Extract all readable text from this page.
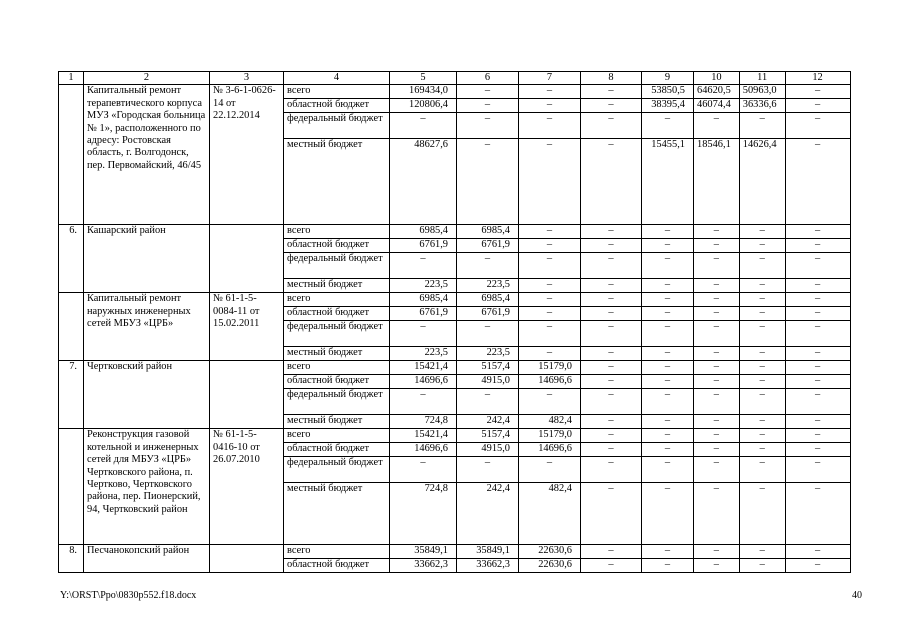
1	2	3	4	5	6	7	8	9	10	11	12
	Капитальный ремонт терапевтического корпуса МУЗ «Городская больница № 1», расположенного по адресу: Ростовская область, г. Волгодонск, пер. Первомайский, 46/45	№ 3-6-1-0626-14 от 22.12.2014	всего	169434,0	–	–	–	53850,5	64620,5	50963,0	–
			областной бюджет	120806,4	–	–	–	38395,4	46074,4	36336,6	–
			федеральный бюджет	–	–	–	–	–	–	–	–
			местный бюджет	48627,6	–	–	–	15455,1	18546,1	14626,4	–
6.	Кашарский район		всего	6985,4	6985,4	–	–	–	–	–	–
			областной бюджет	6761,9	6761,9	–	–	–	–	–	–
			федеральный бюджет	–	–	–	–	–	–	–	–
			местный бюджет	223,5	223,5	–	–	–	–	–	–
	Капитальный ремонт наружных инженерных сетей МБУЗ «ЦРБ»	№ 61-1-5-0084-11 от 15.02.2011	всего	6985,4	6985,4	–	–	–	–	–	–
			областной бюджет	6761,9	6761,9	–	–	–	–	–	–
			федеральный бюджет	–	–	–	–	–	–	–	–
			местный бюджет	223,5	223,5	–	–	–	–	–	–
7.	Чертковский район		всего	15421,4	5157,4	15179,0	–	–	–	–	–
			областной бюджет	14696,6	4915,0	14696,6	–	–	–	–	–
			федеральный бюджет	–	–	–	–	–	–	–	–
			местный бюджет	724,8	242,4	482,4	–	–	–	–	–
	Реконструкция газовой котельной и инженерных сетей для МБУЗ «ЦРБ» Чертковского района, п. Чертково, Чертковского района, пер. Пионерский, 94, Чертковский район	№ 61-1-5-0416-10 от 26.07.2010	всего	15421,4	5157,4	15179,0	–	–	–	–	–
			областной бюджет	14696,6	4915,0	14696,6	–	–	–	–	–
			федеральный бюджет	–	–	–	–	–	–	–	–
			местный бюджет	724,8	242,4	482,4	–	–	–	–	–
8.	Песчанокопский район		всего	35849,1	35849,1	22630,6	–	–	–	–	–
			областной бюджет	33662,3	33662,3	22630,6	–	–	–	–	–
Y:\ORST\Ppo\0830p552.f18.docx	40
